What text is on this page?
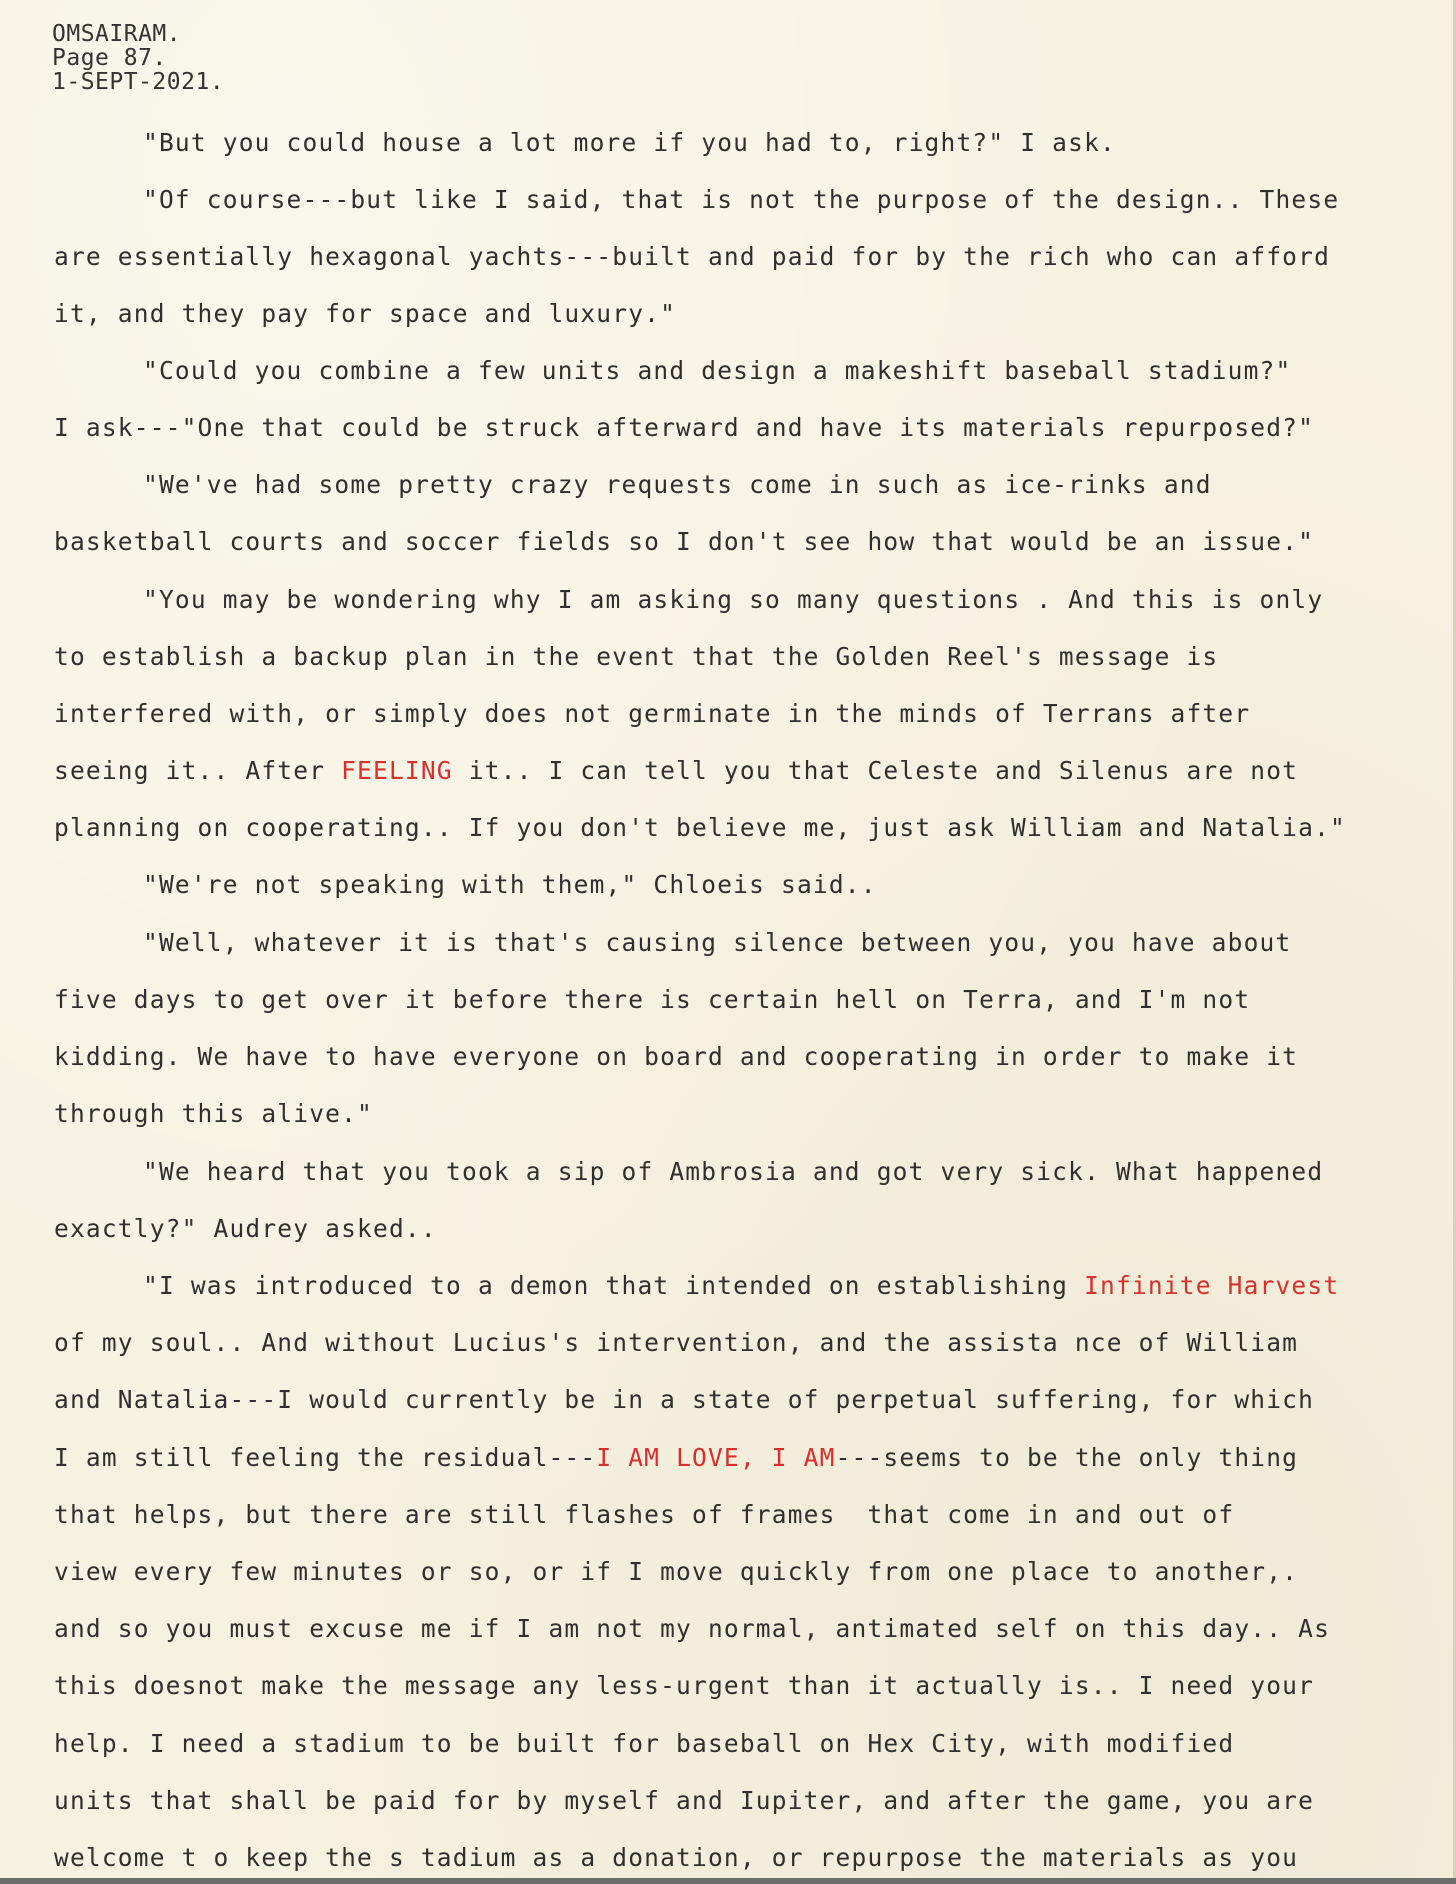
OMSAIRAM.
Page 87.
1-SEPT-2021.
"But you could house a lot more if you had to, right?" I ask.
"Of course---but like I said, that is not the purpose of the design.. These
are essentially hexagonal yachts---built and paid for by the rich who can afford
it, and they pay for space and luxury."
"Could you combine a few units and design a makeshift baseball stadium?"
I ask---"One that could be struck afterward and have its materials repurposed?"
"We've had some pretty crazy requests come in such as ice-rinks and
basketball courts and soccer fields so I don't see how that would be an issue."
"You may be wondering why I am asking so many questions . And this is only
to establish a backup plan in the event that the Golden Reel's message is
interfered with, or simply does not germinate in the minds of Terrans after
seeing it.. After FEELING it.. I can tell you that Celeste and Silenus are not
planning on cooperating.. If you don't believe me, just ask William and Natalia."
"We're not speaking with them," Chloeis said..
"Well, whatever it is that's causing silence between you, you have about
five days to get over it before there is certain hell on Terra, and I'm not
kidding. We have to have everyone on board and cooperating in order to make it
through this alive."
"We heard that you took a sip of Ambrosia and got very sick. What happened
exactly?" Audrey asked..
"I was introduced to a demon that intended on establishing Infinite Harvest
of my soul.. And without Lucius's intervention, and the assista nce of William
and Natalia---I would currently be in a state of perpetual suffering, for which
I am still feeling the residual---I AM LOVE, I AM---seems to be the only thing
that helps, but there are still flashes of frames  that come in and out of
view every few minutes or so, or if I move quickly from one place to another,.
and so you must excuse me if I am not my normal, antimated self on this day.. As
this doesnot make the message any less-urgent than it actually is.. I need your
help. I need a stadium to be built for baseball on Hex City, with modified
units that shall be paid for by myself and Iupiter, and after the game, you are
welcome t o keep the s tadium as a donation, or repurpose the materials as you
